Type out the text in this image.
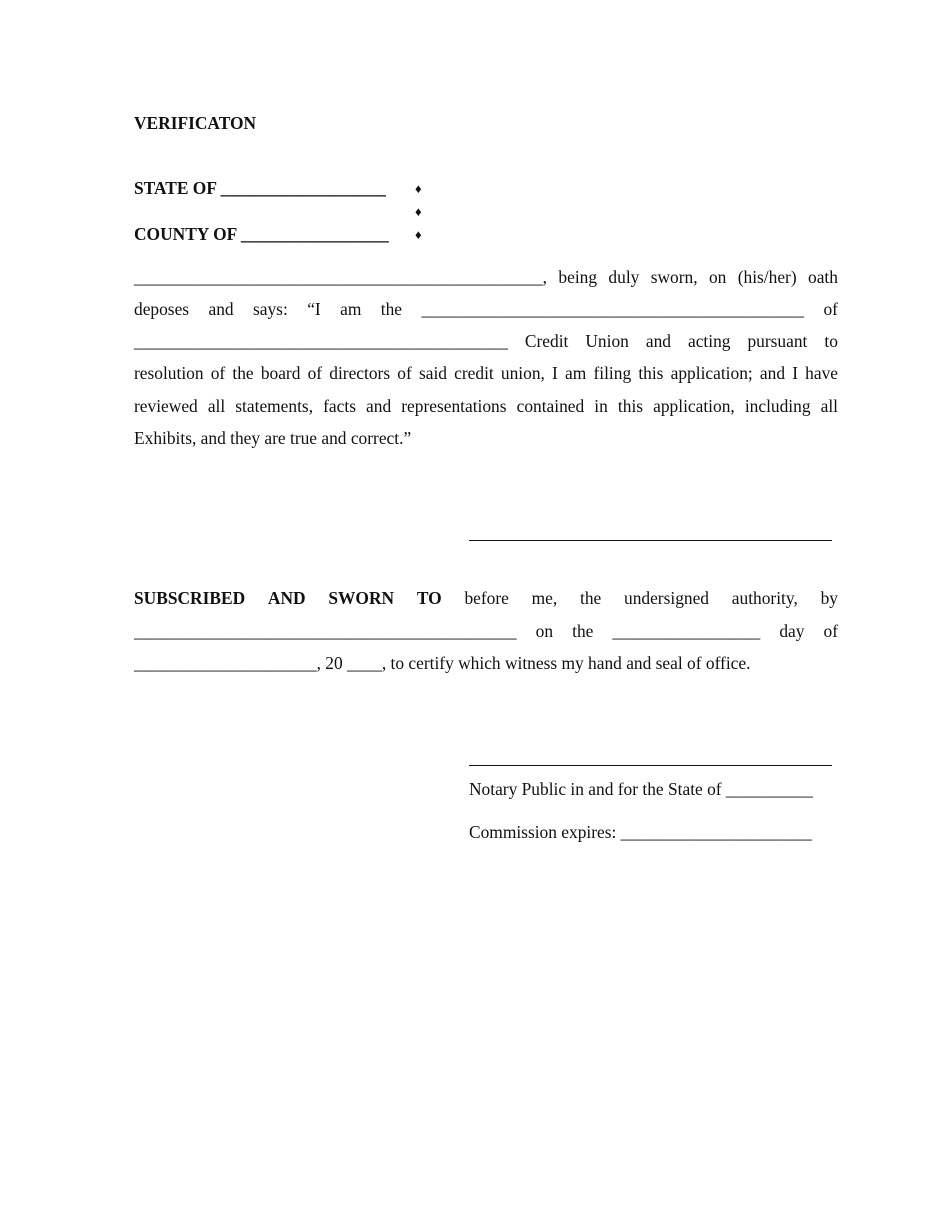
VERIFICATON
STATE OF ___________________ ♦
♦
COUNTY OF _________________ ♦
_______________________________________________, being duly sworn, on (his/her) oath
deposes and says: “I am the ____________________________________________ of
___________________________________________ Credit Union and acting pursuant to
resolution of the board of directors of said credit union, I am filing this application; and I have
reviewed all statements, facts and representations contained in this application, including all
Exhibits, and they are true and correct.”
SUBSCRIBED AND SWORN TO before me, the undersigned authority, by
____________________________________________ on the _________________ day of
_____________________, 20 ____, to certify which witness my hand and seal of office.
Notary Public in and for the State of __________
Commission expires: ______________________
